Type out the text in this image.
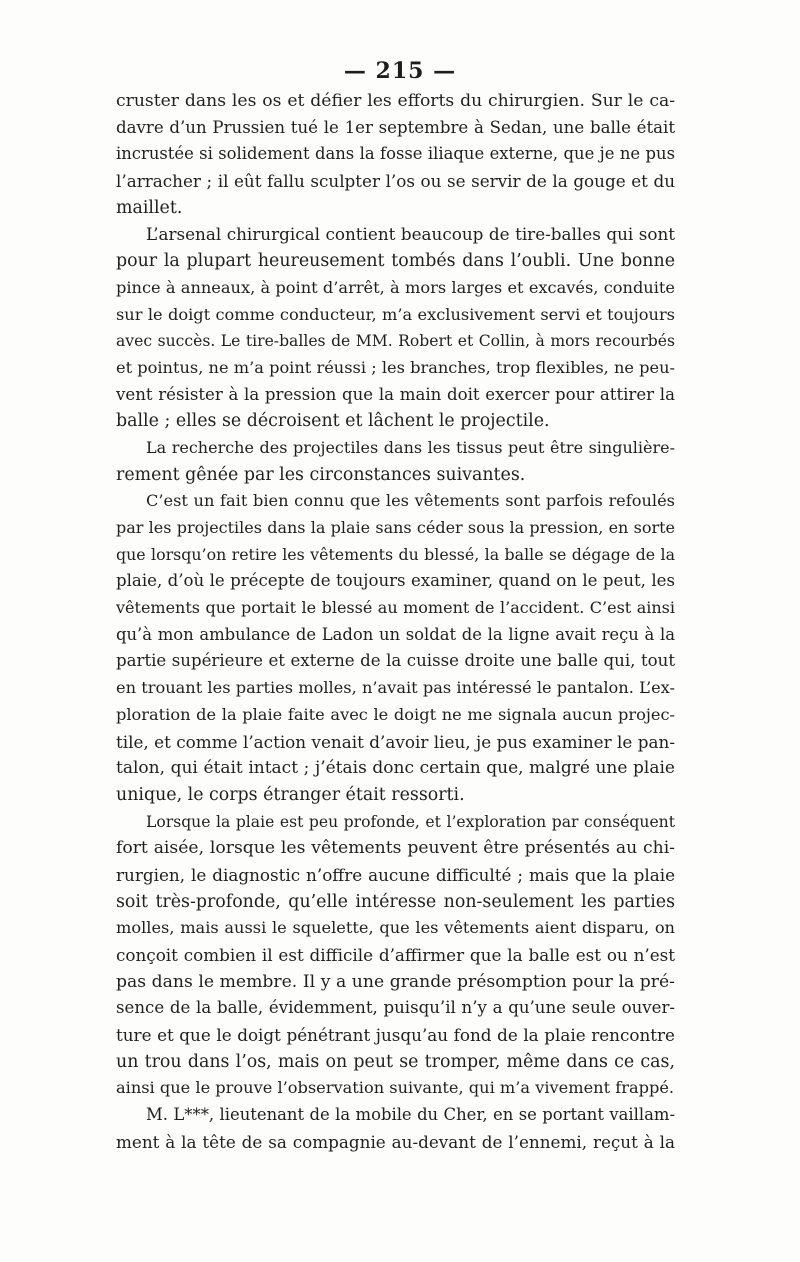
— 215 —
cruster dans les os et défier les efforts du chirurgien. Sur le ca-
davre d’un Prussien tué le 1er septembre à Sedan, une balle était
incrustée si solidement dans la fosse iliaque externe, que je ne pus
l’arracher ; il eût fallu sculpter l’os ou se servir de la gouge et du
maillet.
L’arsenal chirurgical contient beaucoup de tire-balles qui sont
pour la plupart heureusement tombés dans l’oubli. Une bonne
pince à anneaux, à point d’arrêt, à mors larges et excavés, conduite
sur le doigt comme conducteur, m’a exclusivement servi et toujours
avec succès. Le tire-balles de MM. Robert et Collin, à mors recourbés
et pointus, ne m’a point réussi ; les branches, trop flexibles, ne peu-
vent résister à la pression que la main doit exercer pour attirer la
balle ; elles se décroisent et lâchent le projectile.
La recherche des projectiles dans les tissus peut être singulière-
rement gênée par les circonstances suivantes.
C’est un fait bien connu que les vêtements sont parfois refoulés
par les projectiles dans la plaie sans céder sous la pression, en sorte
que lorsqu’on retire les vêtements du blessé, la balle se dégage de la
plaie, d’où le précepte de toujours examiner, quand on le peut, les
vêtements que portait le blessé au moment de l’accident. C’est ainsi
qu’à mon ambulance de Ladon un soldat de la ligne avait reçu à la
partie supérieure et externe de la cuisse droite une balle qui, tout
en trouant les parties molles, n’avait pas intéressé le pantalon. L’ex-
ploration de la plaie faite avec le doigt ne me signala aucun projec-
tile, et comme l’action venait d’avoir lieu, je pus examiner le pan-
talon, qui était intact ; j’étais donc certain que, malgré une plaie
unique, le corps étranger était ressorti.
Lorsque la plaie est peu profonde, et l’exploration par conséquent
fort aisée, lorsque les vêtements peuvent être présentés au chi-
rurgien, le diagnostic n’offre aucune difficulté ; mais que la plaie
soit très-profonde, qu’elle intéresse non-seulement les parties
molles, mais aussi le squelette, que les vêtements aient disparu, on
conçoit combien il est difficile d’affirmer que la balle est ou n’est
pas dans le membre. Il y a une grande présomption pour la pré-
sence de la balle, évidemment, puisqu’il n’y a qu’une seule ouver-
ture et que le doigt pénétrant jusqu’au fond de la plaie rencontre
un trou dans l’os, mais on peut se tromper, même dans ce cas,
ainsi que le prouve l’observation suivante, qui m’a vivement frappé.
M. L***, lieutenant de la mobile du Cher, en se portant vaillam-
ment à la tête de sa compagnie au-devant de l’ennemi, reçut à la
